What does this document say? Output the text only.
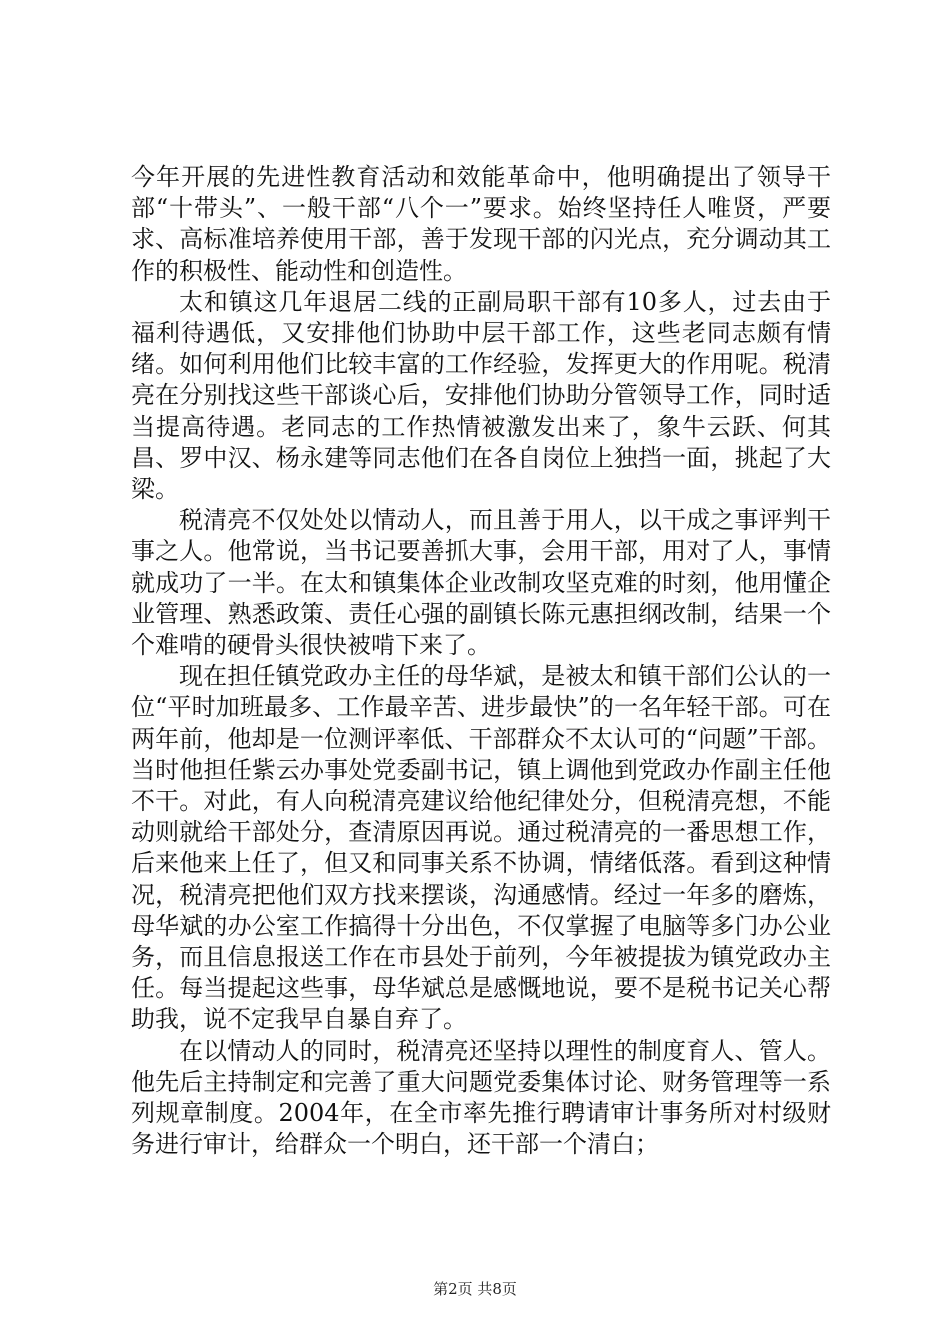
今年开展的先进性教育活动和效能革命中，他明确提出了领导干部“十带头”、一般干部“八个一”要求。始终坚持任人唯贤，严要求、高标准培养使用干部，善于发现干部的闪光点，充分调动其工作的积极性、能动性和创造性。

太和镇这几年退居二线的正副局职干部有10多人，过去由于福利待遇低，又安排他们协助中层干部工作，这些老同志颇有情绪。如何利用他们比较丰富的工作经验，发挥更大的作用呢。税清亮在分别找这些干部谈心后，安排他们协助分管领导工作，同时适当提高待遇。老同志的工作热情被激发出来了，象牛云跃、何其昌、罗中汉、杨永建等同志他们在各自岗位上独挡一面，挑起了大梁。

税清亮不仅处处以情动人，而且善于用人，以干成之事评判干事之人。他常说，当书记要善抓大事，会用干部，用对了人，事情就成功了一半。在太和镇集体企业改制攻坚克难的时刻，他用懂企业管理、熟悉政策、责任心强的副镇长陈元惠担纲改制，结果一个个难啃的硬骨头很快被啃下来了。

现在担任镇党政办主任的母华斌，是被太和镇干部们公认的一位“平时加班最多、工作最辛苦、进步最快”的一名年轻干部。可在两年前，他却是一位测评率低、干部群众不太认可的“问题”干部。当时他担任紫云办事处党委副书记，镇上调他到党政办作副主任他不干。对此，有人向税清亮建议给他纪律处分，但税清亮想，不能动则就给干部处分，查清原因再说。通过税清亮的一番思想工作，后来他来上任了，但又和同事关系不协调，情绪低落。看到这种情况，税清亮把他们双方找来摆谈，沟通感情。经过一年多的磨炼，母华斌的办公室工作搞得十分出色，不仅掌握了电脑等多门办公业务，而且信息报送工作在市县处于前列，今年被提拔为镇党政办主任。每当提起这些事，母华斌总是感慨地说，要不是税书记关心帮助我，说不定我早自暴自弃了。

在以情动人的同时，税清亮还坚持以理性的制度育人、管人。他先后主持制定和完善了重大问题党委集体讨论、财务管理等一系列规章制度。2004年，在全市率先推行聘请审计事务所对村级财务进行审计，给群众一个明白，还干部一个清白；

第2页 共8页
